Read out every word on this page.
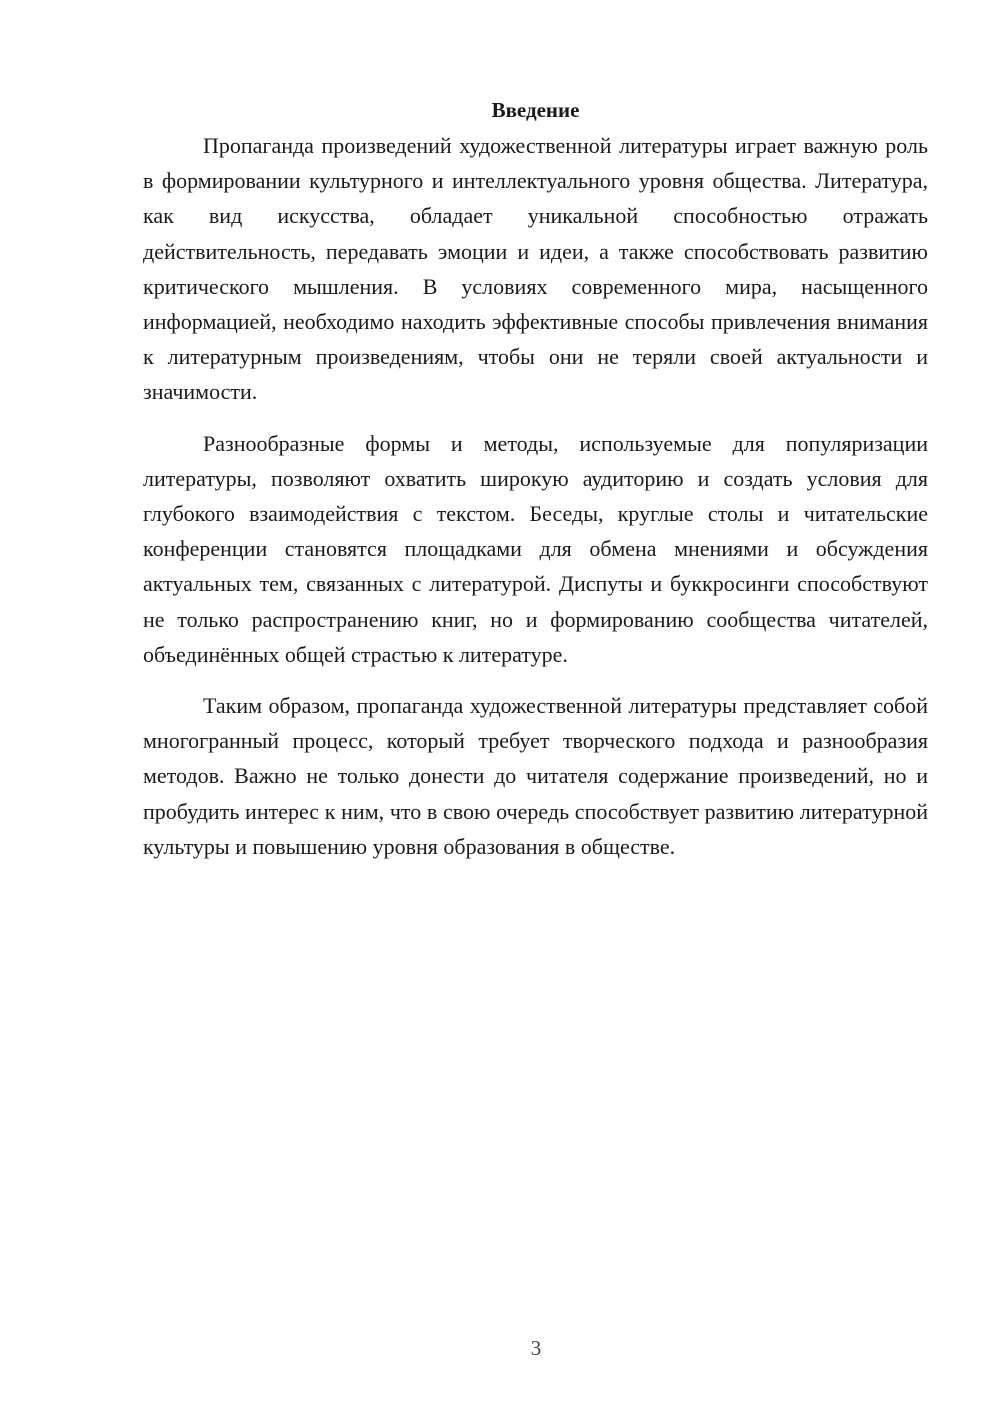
Введение

Пропаганда произведений художественной литературы играет важную роль в формировании культурного и интеллектуального уровня общества. Литература, как вид искусства, обладает уникальной способностью отражать действительность, передавать эмоции и идеи, а также способствовать развитию критического мышления. В условиях современного мира, насыщенного информацией, необходимо находить эффективные способы привлечения внимания к литературным произведениям, чтобы они не теряли своей актуальности и значимости.

Разнообразные формы и методы, используемые для популяризации литературы, позволяют охватить широкую аудиторию и создать условия для глубокого взаимодействия с текстом. Беседы, круглые столы и читательские конференции становятся площадками для обмена мнениями и обсуждения актуальных тем, связанных с литературой. Диспуты и буккросинги способствуют не только распространению книг, но и формированию сообщества читателей, объединённых общей страстью к литературе.

Таким образом, пропаганда художественной литературы представляет собой многогранный процесс, который требует творческого подхода и разнообразия методов. Важно не только донести до читателя содержание произведений, но и пробудить интерес к ним, что в свою очередь способствует развитию литературной культуры и повышению уровня образования в обществе.

3
